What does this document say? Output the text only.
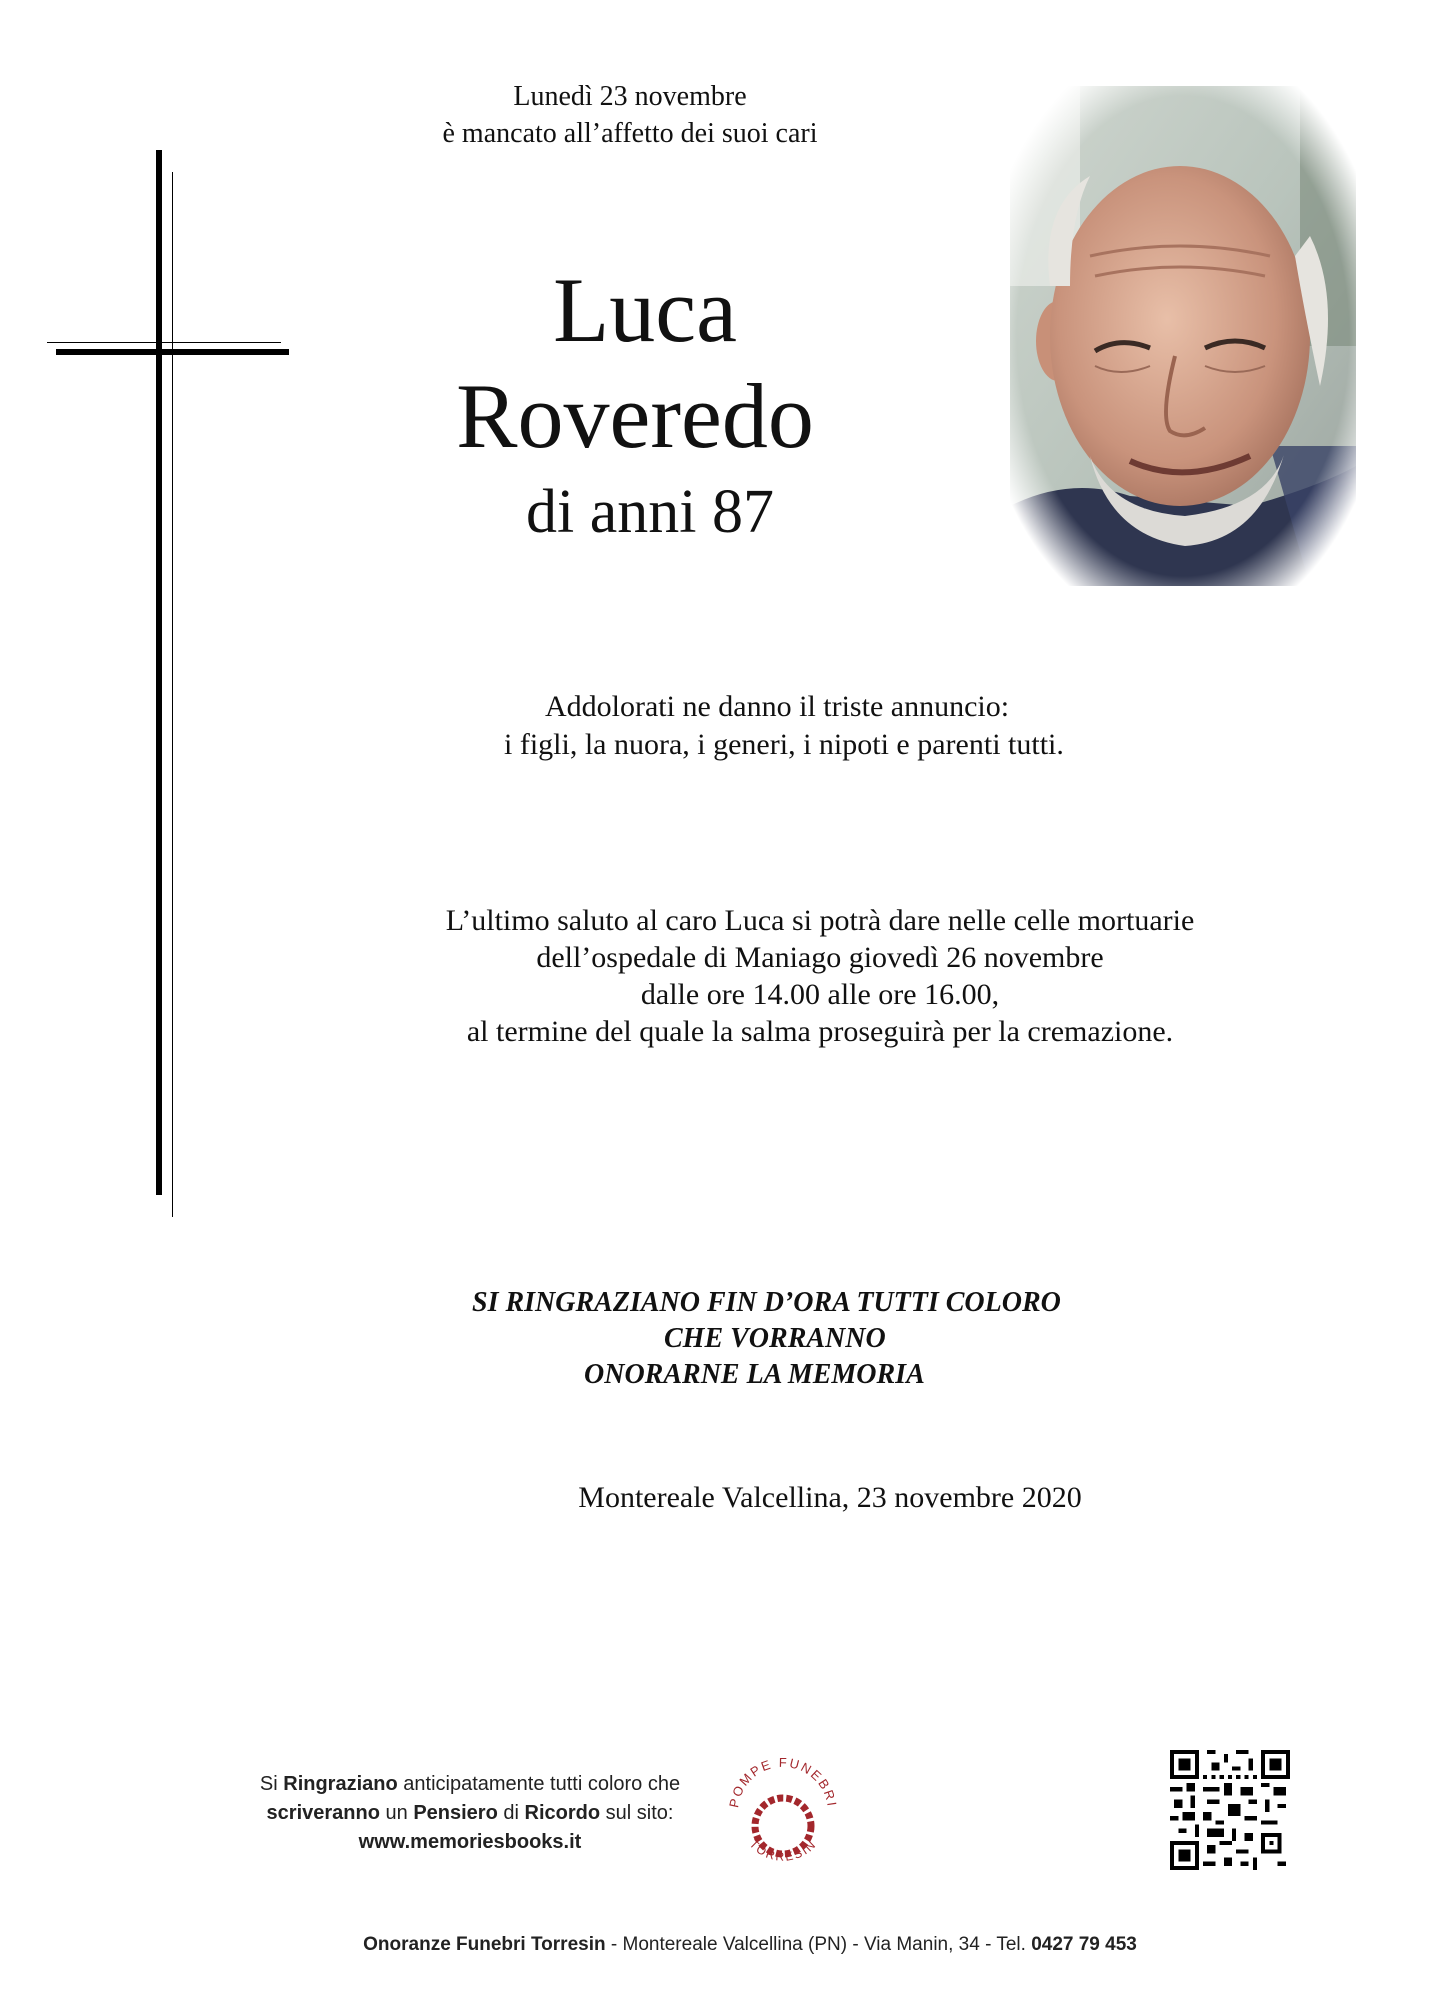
Lunedì 23 novembre
è mancato all’affetto dei suoi cari
Luca
Roveredo
di anni 87
Addolorati ne danno il triste annuncio:
i figli, la nuora, i generi, i nipoti e parenti tutti.
L’ultimo saluto al caro Luca si potrà dare nelle celle mortuarie
dell’ospedale di Maniago giovedì 26 novembre
dalle ore 14.00 alle ore 16.00,
al termine del quale la salma proseguirà per la cremazione.
SI RINGRAZIANO FIN D’ORA TUTTI COLORO
CHE VORRANNO
ONORARNE LA MEMORIA
Montereale Valcellina, 23 novembre 2020
Si Ringraziano anticipatamente tutti coloro che
scriveranno un Pensiero di Ricordo sul sito:
www.memoriesbooks.it
POMPE FUNEBRI
TORRESIN
Onoranze Funebri Torresin - Montereale Valcellina (PN) - Via Manin, 34 - Tel. 0427 79 453
